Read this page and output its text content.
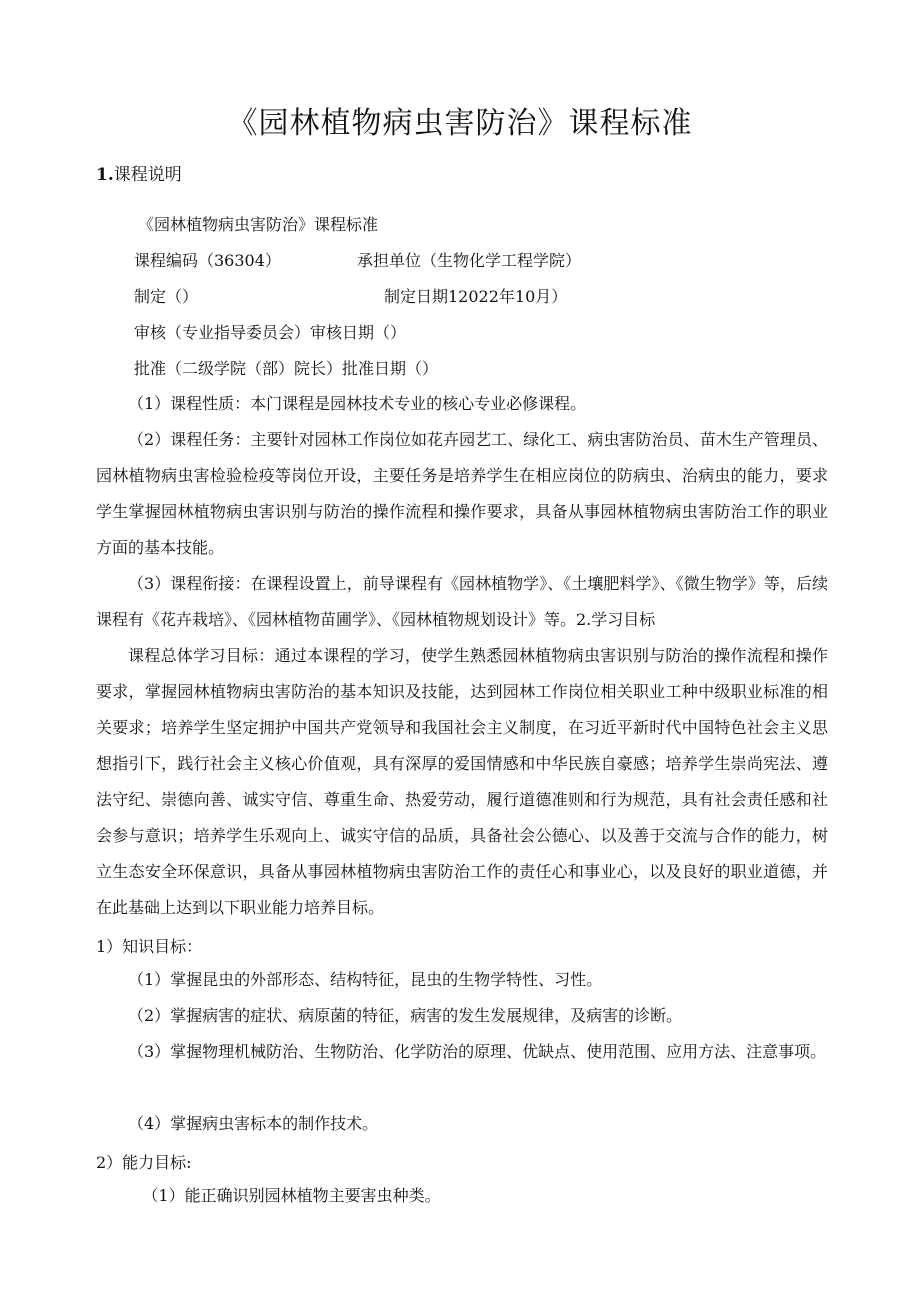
《园林植物病虫害防治》课程标准

1.课程说明

《园林植物病虫害防治》课程标准

课程编码（36304）	承担单位（生物化学工程学院）

制定（）	制定日期12022年10月）

审核（专业指导委员会）审核日期（）

批准（二级学院（部）院长）批准日期（）

（1）课程性质：本门课程是园林技术专业的核心专业必修课程。

（2）课程任务：主要针对园林工作岗位如花卉园艺工、绿化工、病虫害防治员、苗木生产管理员、园林植物病虫害检验检疫等岗位开设，主要任务是培养学生在相应岗位的防病虫、治病虫的能力，要求学生掌握园林植物病虫害识别与防治的操作流程和操作要求，具备从事园林植物病虫害防治工作的职业方面的基本技能。

（3）课程衔接：在课程设置上，前导课程有《园林植物学》、《土壤肥料学》、《微生物学》等，后续课程有《花卉栽培》、《园林植物苗圃学》、《园林植物规划设计》等。2.学习目标

课程总体学习目标：通过本课程的学习，使学生熟悉园林植物病虫害识别与防治的操作流程和操作要求，掌握园林植物病虫害防治的基本知识及技能，达到园林工作岗位相关职业工种中级职业标准的相关要求；培养学生坚定拥护中国共产党领导和我国社会主义制度，在习近平新时代中国特色社会主义思想指引下，践行社会主义核心价值观，具有深厚的爱国情感和中华民族自豪感；培养学生崇尚宪法、遵法守纪、崇德向善、诚实守信、尊重生命、热爱劳动，履行道德准则和行为规范，具有社会责任感和社会参与意识；培养学生乐观向上、诚实守信的品质，具备社会公德心、以及善于交流与合作的能力，树立生态安全环保意识，具备从事园林植物病虫害防治工作的责任心和事业心，以及良好的职业道德，并在此基础上达到以下职业能力培养目标。

1）知识目标：

（1）掌握昆虫的外部形态、结构特征，昆虫的生物学特性、习性。

（2）掌握病害的症状、病原菌的特征，病害的发生发展规律，及病害的诊断。

（3）掌握物理机械防治、生物防治、化学防治的原理、优缺点、使用范围、应用方法、注意事项。

（4）掌握病虫害标本的制作技术。

2）能力目标:

（1）能正确识别园林植物主要害虫种类。
